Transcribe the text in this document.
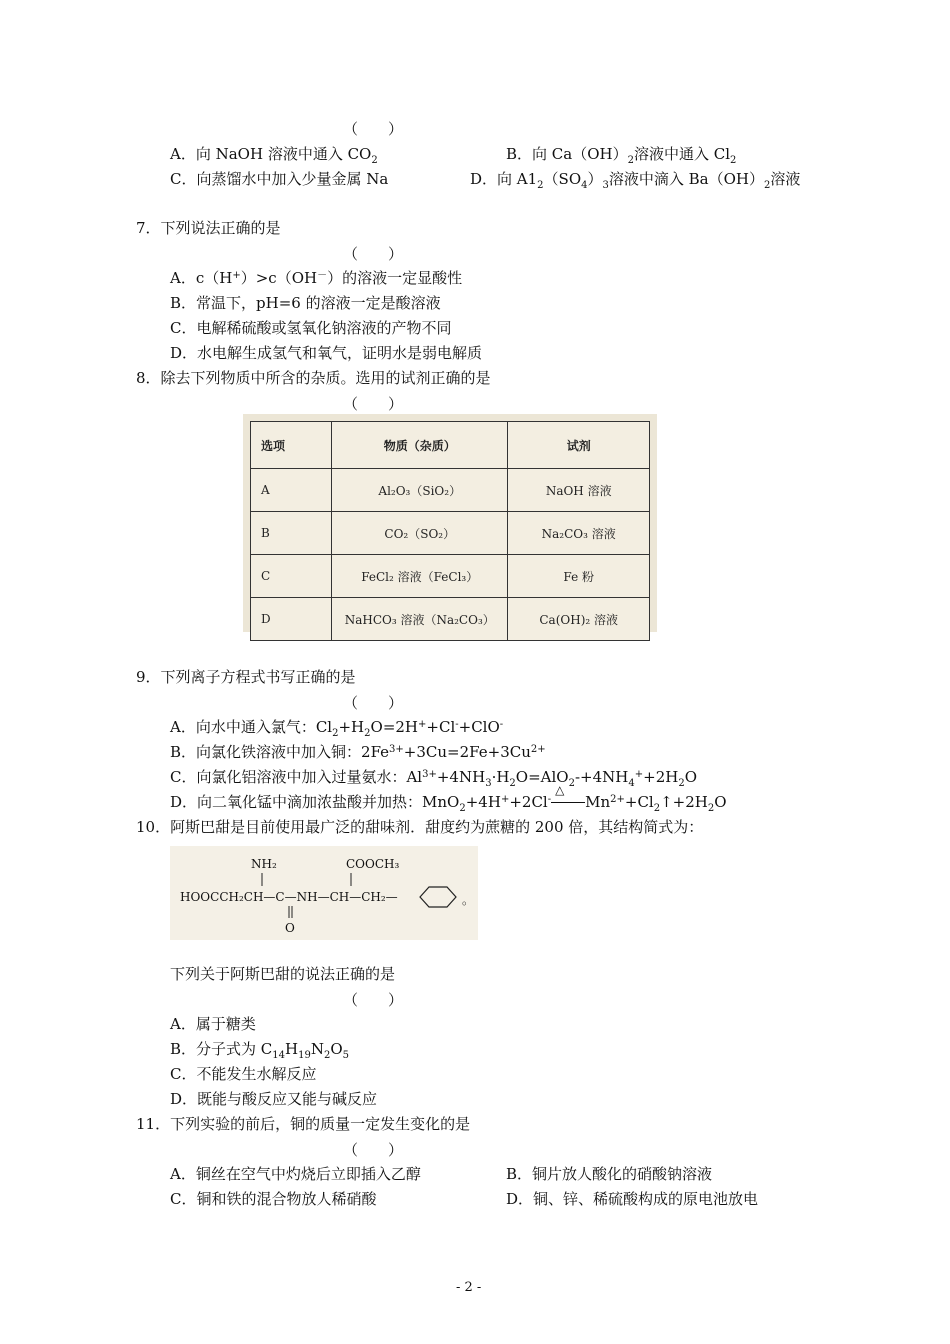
（　　）
A．向 NaOH 溶液中通入 $CO_2$	B．向 $Ca(OH)_2$溶液中通入 $Cl_2$
C．向蒸馏水中加入少量金属 Na	D．向 $A1_2(SO_4)_3$溶液中滴入 $Ba(OH)_2$溶液
7．下列说法正确的是
（　　）
A．c（H+）>c（OH－）的溶液一定显酸性
B．常温下，pH=6 的溶液一定是酸溶液
C．电解稀硫酸或氢氧化钠溶液的产物不同
D．水电解生成氢气和氧气，证明水是弱电解质
8．除去下列物质中所含的杂质。选用的试剂正确的是
（　　）
选项	物质（杂质）	试剂
A	Al₂O₃（SiO₂）	NaOH 溶液
B	CO₂（SO₂）	Na₂CO₃ 溶液
C	FeCl₂ 溶液（FeCl₃）	Fe 粉
D	NaHCO₃ 溶液（Na₂CO₃）	Ca(OH)₂ 溶液
9．下列离子方程式书写正确的是
（　　）
A．向水中通入氯气：$Cl_2+H_2O=2H^++Cl^-+ClO^-$
B．向氯化铁溶液中加入铜：$2Fe^{3+}+3Cu=2Fe+3Cu^{2+}$
C．向氯化铝溶液中加入过量氨水：$Al^{3+}+4NH_3\cdot H_2O=AlO_2-+4NH_4^++2H_2O$
D．向二氧化锰中滴加浓盐酸并加热：MnO$_2$+4H++2Cl-
△
$Mn^{2+}+Cl_2↑+2H_2O$
10．阿斯巴甜是目前使用最广泛的甜味剂．甜度约为蔗糖的 200 倍，其结构简式为：
NH₂	COOCH₃
HOOCCH₂CH—C—NH—CH—CH₂—
O
。
下列关于阿斯巴甜的说法正确的是
（　　）
A．属于糖类
B．分子式为 $C_{14}H_{19}N_2O_5$
C．不能发生水解反应
D．既能与酸反应又能与碱反应
11．下列实验的前后，铜的质量一定发生变化的是
（　　）
A．铜丝在空气中灼烧后立即插入乙醇	B．铜片放人酸化的硝酸钠溶液
C．铜和铁的混合物放人稀硝酸	D．铜、锌、稀硫酸构成的原电池放电
- 2 -
